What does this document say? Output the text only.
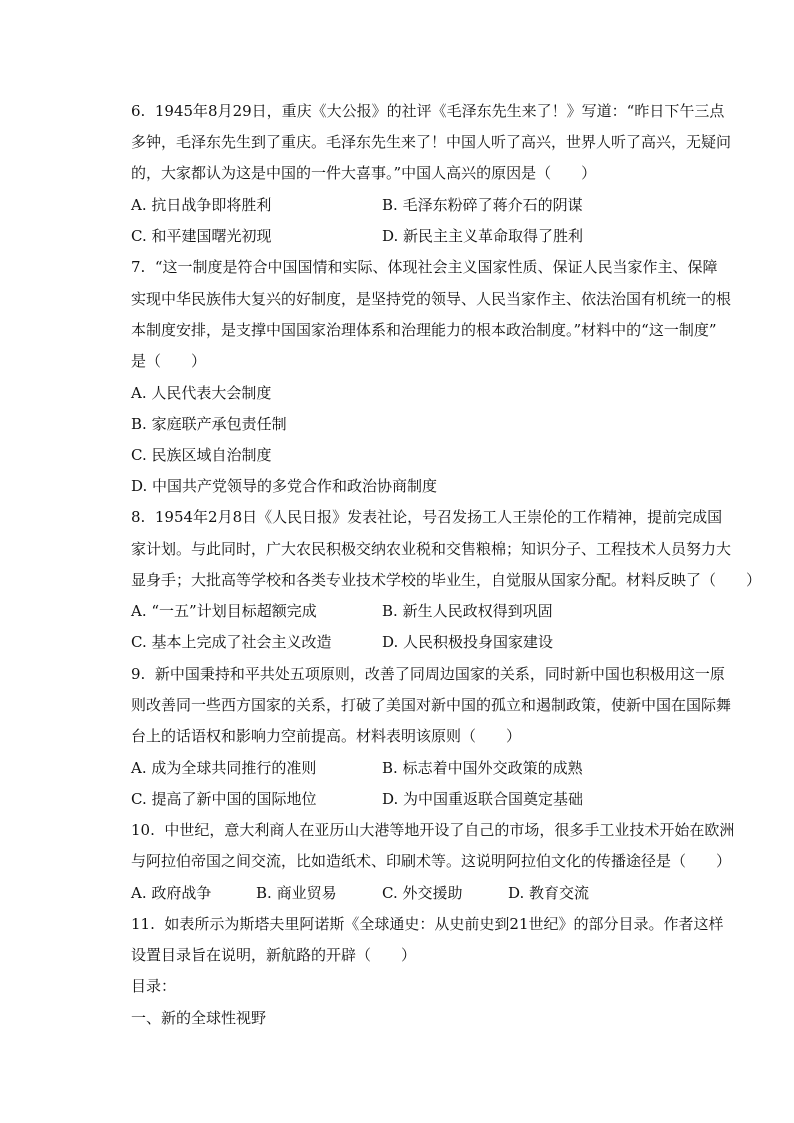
6. 1945年8月29日，重庆《大公报》的社评《毛泽东先生来了！》写道：“昨日下午三点
多钟，毛泽东先生到了重庆。毛泽东先生来了！中国人听了高兴，世界人听了高兴，无疑问
的，大家都认为这是中国的一件大喜事。”中国人高兴的原因是（　　）
A. 抗日战争即将胜利	B. 毛泽东粉碎了蒋介石的阴谋
C. 和平建国曙光初现	D. 新民主主义革命取得了胜利
7. “这一制度是符合中国国情和实际、体现社会主义国家性质、保证人民当家作主、保障
实现中华民族伟大复兴的好制度，是坚持党的领导、人民当家作主、依法治国有机统一的根
本制度安排，是支撑中国国家治理体系和治理能力的根本政治制度。”材料中的“这一制度”
是（　　）
A. 人民代表大会制度
B. 家庭联产承包责任制
C. 民族区域自治制度
D. 中国共产党领导的多党合作和政治协商制度
8. 1954年2月8日《人民日报》发表社论，号召发扬工人王崇伦的工作精神，提前完成国
家计划。与此同时，广大农民积极交纳农业税和交售粮棉；知识分子、工程技术人员努力大
显身手；大批高等学校和各类专业技术学校的毕业生，自觉服从国家分配。材料反映了（　　）
A. “一五”计划目标超额完成	B. 新生人民政权得到巩固
C. 基本上完成了社会主义改造	D. 人民积极投身国家建设
9. 新中国秉持和平共处五项原则，改善了同周边国家的关系，同时新中国也积极用这一原
则改善同一些西方国家的关系，打破了美国对新中国的孤立和遏制政策，使新中国在国际舞
台上的话语权和影响力空前提高。材料表明该原则（　　）
A. 成为全球共同推行的准则	B. 标志着中国外交政策的成熟
C. 提高了新中国的国际地位	D. 为中国重返联合国奠定基础
10. 中世纪，意大利商人在亚历山大港等地开设了自己的市场，很多手工业技术开始在欧洲
与阿拉伯帝国之间交流，比如造纸术、印刷术等。这说明阿拉伯文化的传播途径是（　　）
A. 政府战争	B. 商业贸易	C. 外交援助	D. 教育交流
11. 如表所示为斯塔夫里阿诺斯《全球通史：从史前史到21世纪》的部分目录。作者这样
设置目录旨在说明，新航路的开辟（　　）
目录：
一、新的全球性视野
